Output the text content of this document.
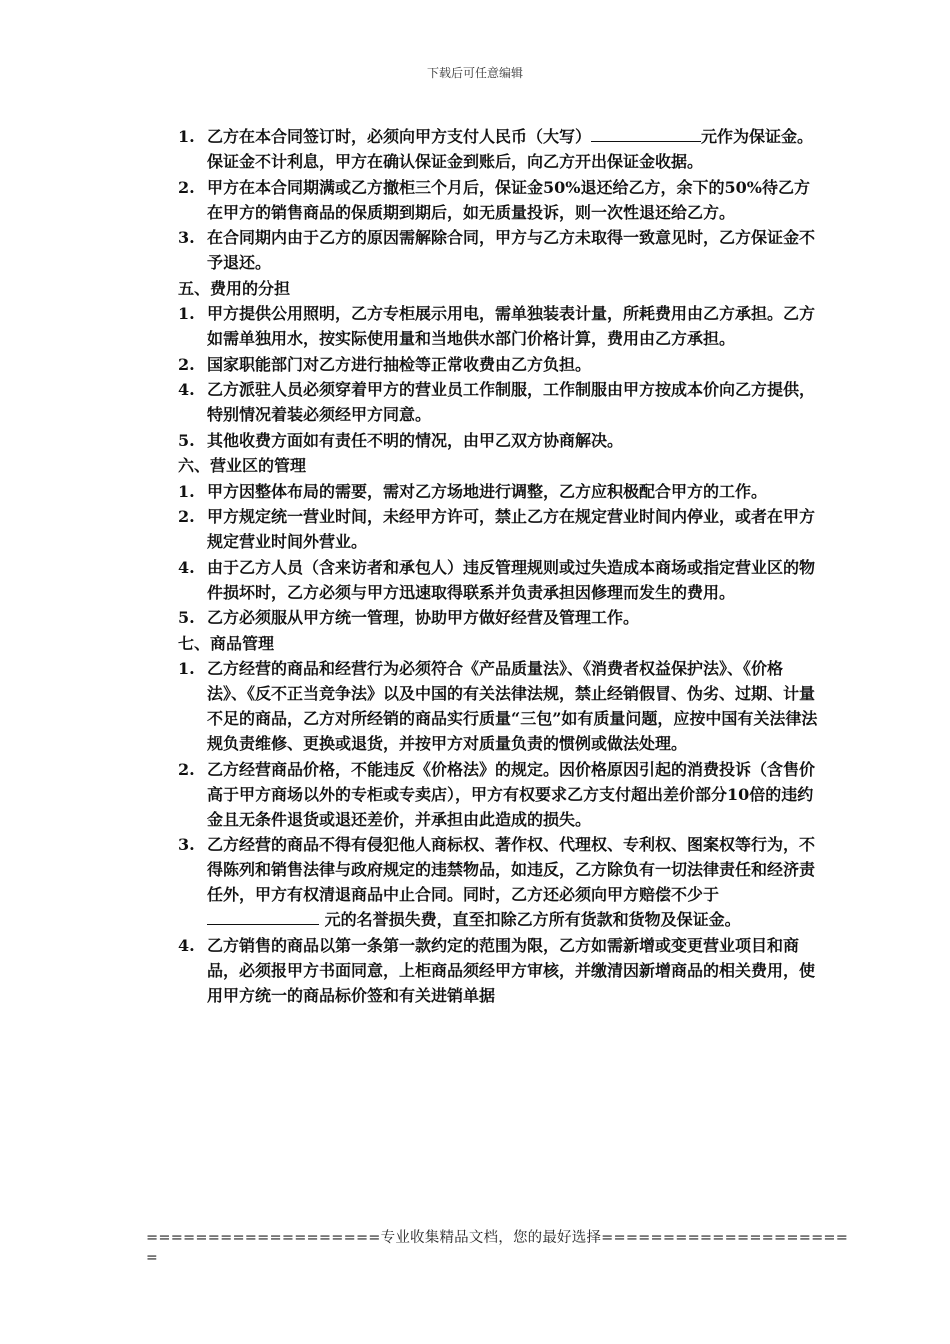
下载后可任意编辑
1. 乙方在本合同签订时，必须向甲方支付人民币（大写）	元作为保证金。保证金不计利息，甲方在确认保证金到账后，向乙方开出保证金收据。
2. 甲方在本合同期满或乙方撤柜三个月后，保证金50%退还给乙方，余下的50%待乙方在甲方的销售商品的保质期到期后，如无质量投诉，则一次性退还给乙方。
3. 在合同期内由于乙方的原因需解除合同，甲方与乙方未取得一致意见时，乙方保证金不予退还。
五、费用的分担
1. 甲方提供公用照明，乙方专柜展示用电，需单独装表计量，所耗费用由乙方承担。乙方如需单独用水，按实际使用量和当地供水部门价格计算，费用由乙方承担。
2. 国家职能部门对乙方进行抽检等正常收费由乙方负担。
4. 乙方派驻人员必须穿着甲方的营业员工作制服，工作制服由甲方按成本价向乙方提供，特别情况着装必须经甲方同意。
5. 其他收费方面如有责任不明的情况，由甲乙双方协商解决。
六、营业区的管理
1. 甲方因整体布局的需要，需对乙方场地进行调整，乙方应积极配合甲方的工作。
2. 甲方规定统一营业时间，未经甲方许可，禁止乙方在规定营业时间内停业，或者在甲方规定营业时间外营业。
4. 由于乙方人员（含来访者和承包人）违反管理规则或过失造成本商场或指定营业区的物件损坏时，乙方必须与甲方迅速取得联系并负责承担因修理而发生的费用。
5. 乙方必须服从甲方统一管理，协助甲方做好经营及管理工作。
七、商品管理
1. 乙方经营的商品和经营行为必须符合《产品质量法》、《消费者权益保护法》、《价格法》、《反不正当竞争法》以及中国的有关法律法规，禁止经销假冒、伪劣、过期、计量不足的商品，乙方对所经销的商品实行质量“三包”如有质量问题，应按中国有关法律法规负责维修、更换或退货，并按甲方对质量负责的惯例或做法处理。
2. 乙方经营商品价格，不能违反《价格法》的规定。因价格原因引起的消费投诉（含售价高于甲方商场以外的专柜或专卖店），甲方有权要求乙方支付超出差价部分10倍的违约金且无条件退货或退还差价，并承担由此造成的损失。
3. 乙方经营的商品不得有侵犯他人商标权、著作权、代理权、专利权、图案权等行为，不得陈列和销售法律与政府规定的违禁物品，如违反，乙方除负有一切法律责任和经济责任外，甲方有权清退商品中止合同。同时，乙方还必须向甲方赔偿不少于 元的名誉损失费，直至扣除乙方所有货款和货物及保证金。
4. 乙方销售的商品以第一条第一款约定的范围为限，乙方如需新增或变更营业项目和商品，必须报甲方书面同意，上柜商品须经甲方审核，并缴清因新增商品的相关费用，使用甲方统一的商品标价签和有关进销单据
===================专业收集精品文档，您的最好选择====================
=
